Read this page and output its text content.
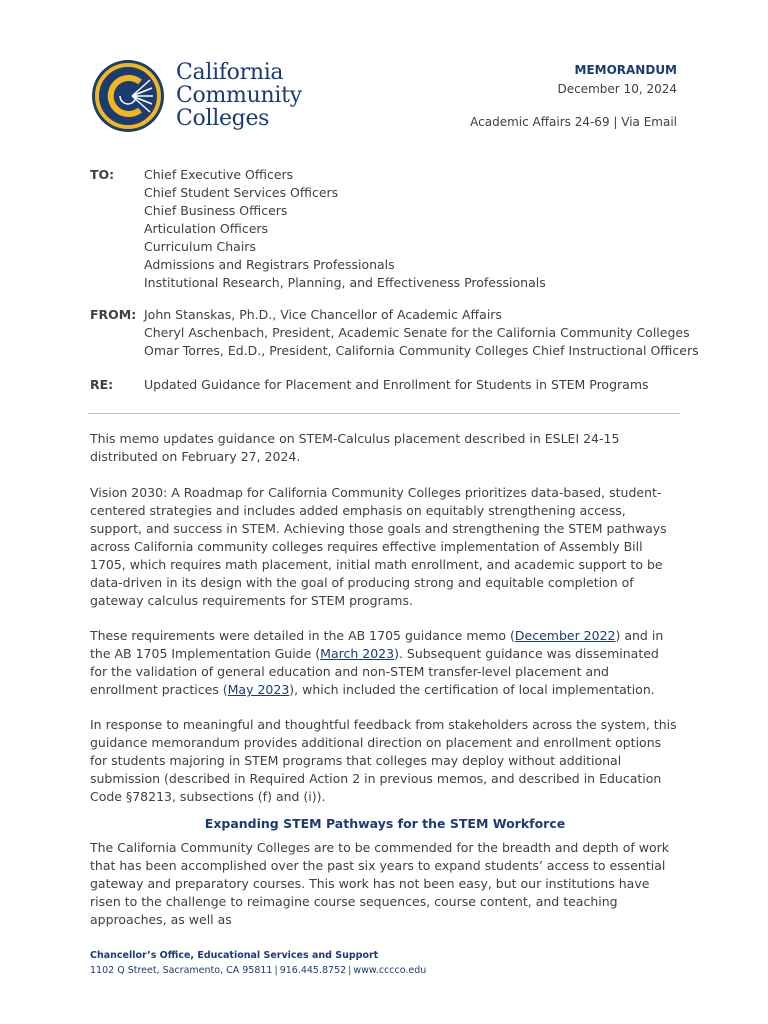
California
Community
Colleges
MEMORANDUM
December 10, 2024
Academic Affairs 24-69 | Via Email
TO:	Chief Executive Officers
Chief Student Services Officers
Chief Business Officers
Articulation Officers
Curriculum Chairs
Admissions and Registrars Professionals
Institutional Research, Planning, and Effectiveness Professionals
FROM: John Stanskas, Ph.D., Vice Chancellor of Academic Affairs
Cheryl Aschenbach, President, Academic Senate for the California Community Colleges
Omar Torres, Ed.D., President, California Community Colleges Chief Instructional Officers
RE:	Updated Guidance for Placement and Enrollment for Students in STEM Programs

This memo updates guidance on STEM-Calculus placement described in ESLEI 24-15 distributed on February 27, 2024.

Vision 2030: A Roadmap for California Community Colleges prioritizes data-based, student-centered strategies and includes added emphasis on equitably strengthening access, support, and success in STEM. Achieving those goals and strengthening the STEM pathways across California community colleges requires effective implementation of Assembly Bill 1705, which requires math placement, initial math enrollment, and academic support to be data-driven in its design with the goal of producing strong and equitable completion of gateway calculus requirements for STEM programs.

These requirements were detailed in the AB 1705 guidance memo (December 2022) and in the AB 1705 Implementation Guide (March 2023). Subsequent guidance was disseminated for the validation of general education and non-STEM transfer-level placement and enrollment practices (May 2023), which included the certification of local implementation.

In response to meaningful and thoughtful feedback from stakeholders across the system, this guidance memorandum provides additional direction on placement and enrollment options for students majoring in STEM programs that colleges may deploy without additional submission (described in Required Action 2 in previous memos, and described in Education Code §78213, subsections (f) and (i)).

Expanding STEM Pathways for the STEM Workforce

The California Community Colleges are to be commended for the breadth and depth of work that has been accomplished over the past six years to expand students’ access to essential gateway and preparatory courses. This work has not been easy, but our institutions have risen to the challenge to reimagine course sequences, course content, and teaching approaches, as well as

Chancellor’s Office, Educational Services and Support
1102 Q Street, Sacramento, CA 95811 | 916.445.8752 | www.cccco.edu
